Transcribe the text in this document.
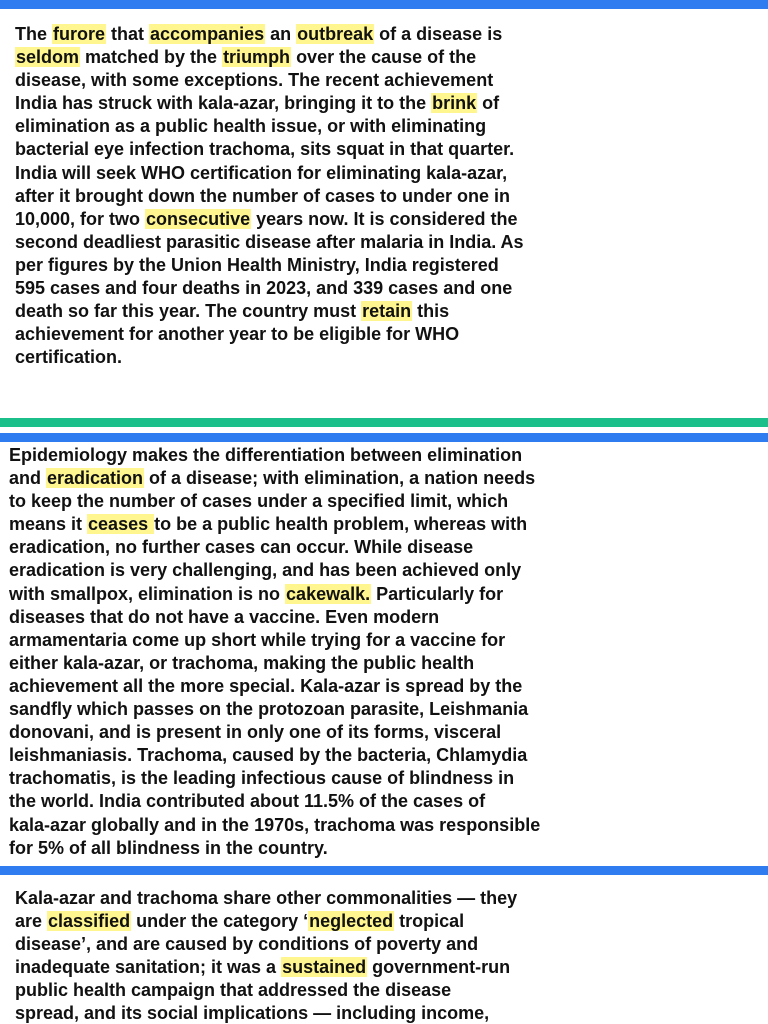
The furore that accompanies an outbreak of a disease is
seldom matched by the triumph over the cause of the
disease, with some exceptions. The recent achievement
India has struck with kala-azar, bringing it to the brink of
elimination as a public health issue, or with eliminating
bacterial eye infection trachoma, sits squat in that quarter.
India will seek WHO certification for eliminating kala-azar,
after it brought down the number of cases to under one in
10,000, for two consecutive years now. It is considered the
second deadliest parasitic disease after malaria in India. As
per figures by the Union Health Ministry, India registered
595 cases and four deaths in 2023, and 339 cases and one
death so far this year. The country must retain this
achievement for another year to be eligible for WHO
certification.
Epidemiology makes the differentiation between elimination
and eradication of a disease; with elimination, a nation needs
to keep the number of cases under a specified limit, which
means it ceases to be a public health problem, whereas with
eradication, no further cases can occur. While disease
eradication is very challenging, and has been achieved only
with smallpox, elimination is no cakewalk. Particularly for
diseases that do not have a vaccine. Even modern
armamentaria come up short while trying for a vaccine for
either kala-azar, or trachoma, making the public health
achievement all the more special. Kala-azar is spread by the
sandfly which passes on the protozoan parasite, Leishmania
donovani, and is present in only one of its forms, visceral
leishmaniasis. Trachoma, caused by the bacteria, Chlamydia
trachomatis, is the leading infectious cause of blindness in
the world. India contributed about 11.5% of the cases of
kala-azar globally and in the 1970s, trachoma was responsible
for 5% of all blindness in the country.
Kala-azar and trachoma share other commonalities — they
are classified under the category ‘neglected tropical
disease’, and are caused by conditions of poverty and
inadequate sanitation; it was a sustained government-run
public health campaign that addressed the disease
spread, and its social implications — including income,
